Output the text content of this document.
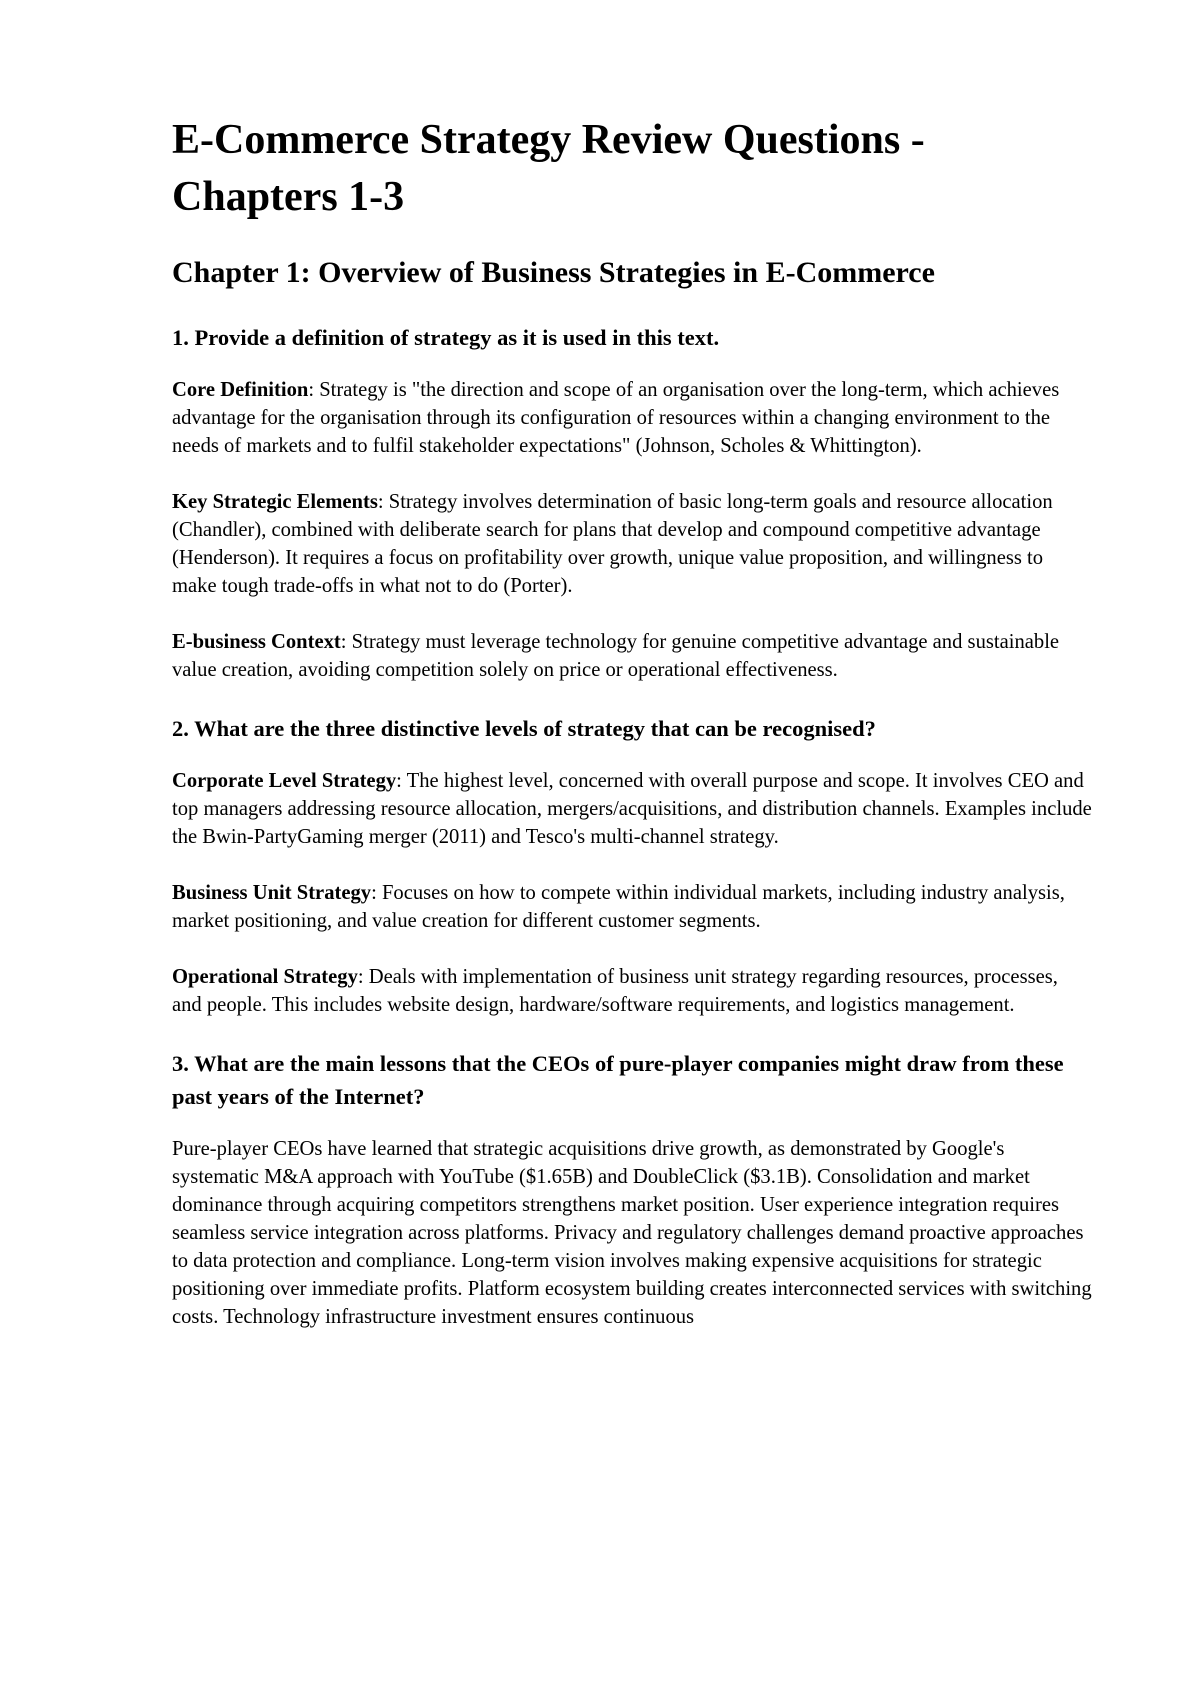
E-Commerce Strategy Review Questions - Chapters 1-3
Chapter 1: Overview of Business Strategies in E-Commerce
1. Provide a definition of strategy as it is used in this text.

Core Definition: Strategy is "the direction and scope of an organisation over the long-term, which achieves advantage for the organisation through its configuration of resources within a changing environment to the needs of markets and to fulfil stakeholder expectations" (Johnson, Scholes & Whittington).

Key Strategic Elements: Strategy involves determination of basic long-term goals and resource allocation (Chandler), combined with deliberate search for plans that develop and compound competitive advantage (Henderson). It requires a focus on profitability over growth, unique value proposition, and willingness to make tough trade-offs in what not to do (Porter).

E-business Context: Strategy must leverage technology for genuine competitive advantage and sustainable value creation, avoiding competition solely on price or operational effectiveness.

2. What are the three distinctive levels of strategy that can be recognised?

Corporate Level Strategy: The highest level, concerned with overall purpose and scope. It involves CEO and top managers addressing resource allocation, mergers/acquisitions, and distribution channels. Examples include the Bwin-PartyGaming merger (2011) and Tesco's multi-channel strategy.

Business Unit Strategy: Focuses on how to compete within individual markets, including industry analysis, market positioning, and value creation for different customer segments.

Operational Strategy: Deals with implementation of business unit strategy regarding resources, processes, and people. This includes website design, hardware/software requirements, and logistics management.

3. What are the main lessons that the CEOs of pure-player companies might draw from these past years of the Internet?

Pure-player CEOs have learned that strategic acquisitions drive growth, as demonstrated by Google's systematic M&A approach with YouTube ($1.65B) and DoubleClick ($3.1B). Consolidation and market dominance through acquiring competitors strengthens market position. User experience integration requires seamless service integration across platforms. Privacy and regulatory challenges demand proactive approaches to data protection and compliance. Long-term vision involves making expensive acquisitions for strategic positioning over immediate profits. Platform ecosystem building creates interconnected services with switching costs. Technology infrastructure investment ensures continuous
